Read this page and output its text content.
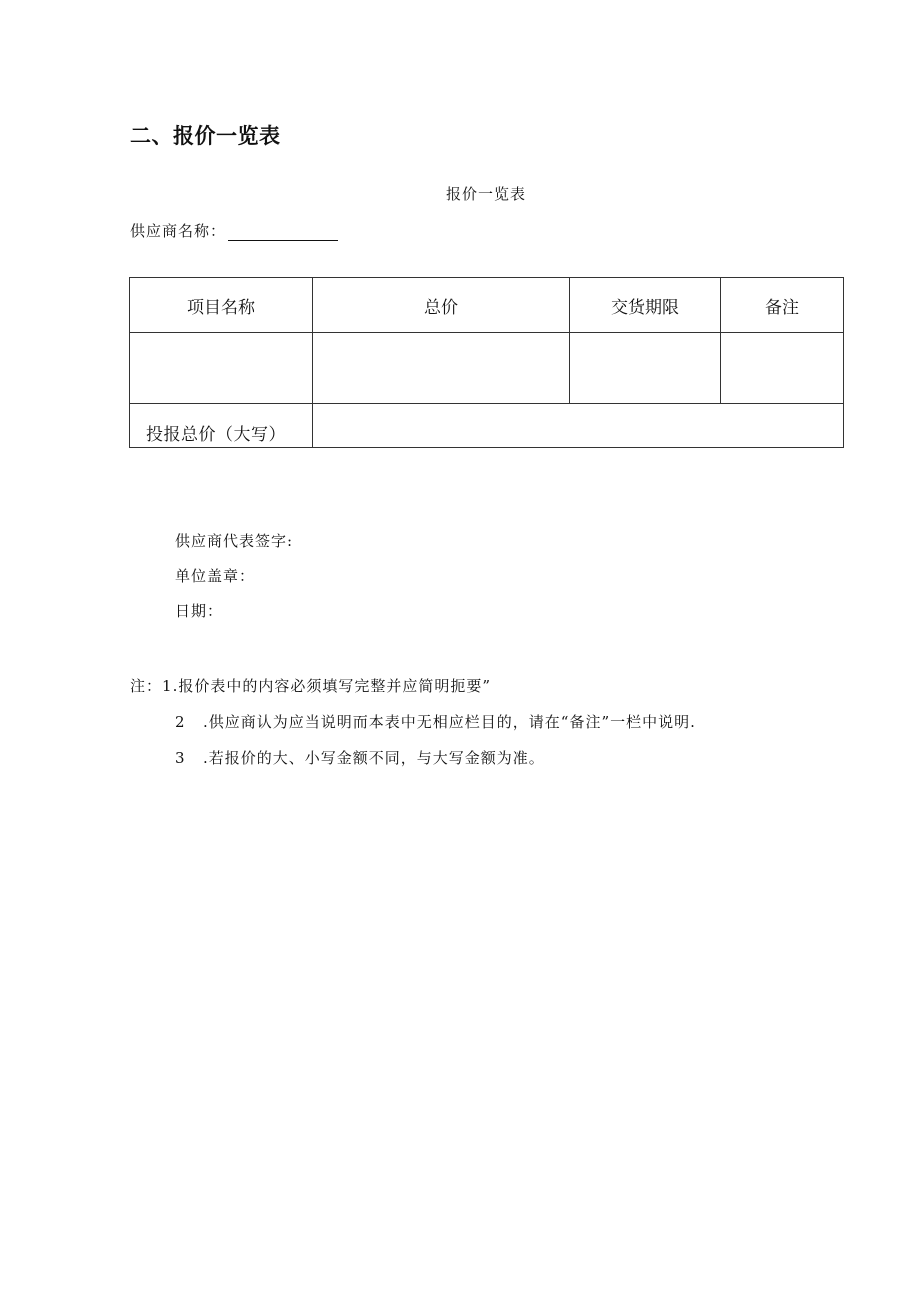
二、报价一览表
报价一览表
供应商名称：
项目名称	总价	交货期限	备注

投报总价（大写）			
供应商代表签字:
单位盖章：
日期：
注：1.报价表中的内容必须填写完整并应简明扼要”
2 .供应商认为应当说明而本表中无相应栏目的，请在“备注”一栏中说明.
3 .若报价的大、小写金额不同，与大写金额为准。
